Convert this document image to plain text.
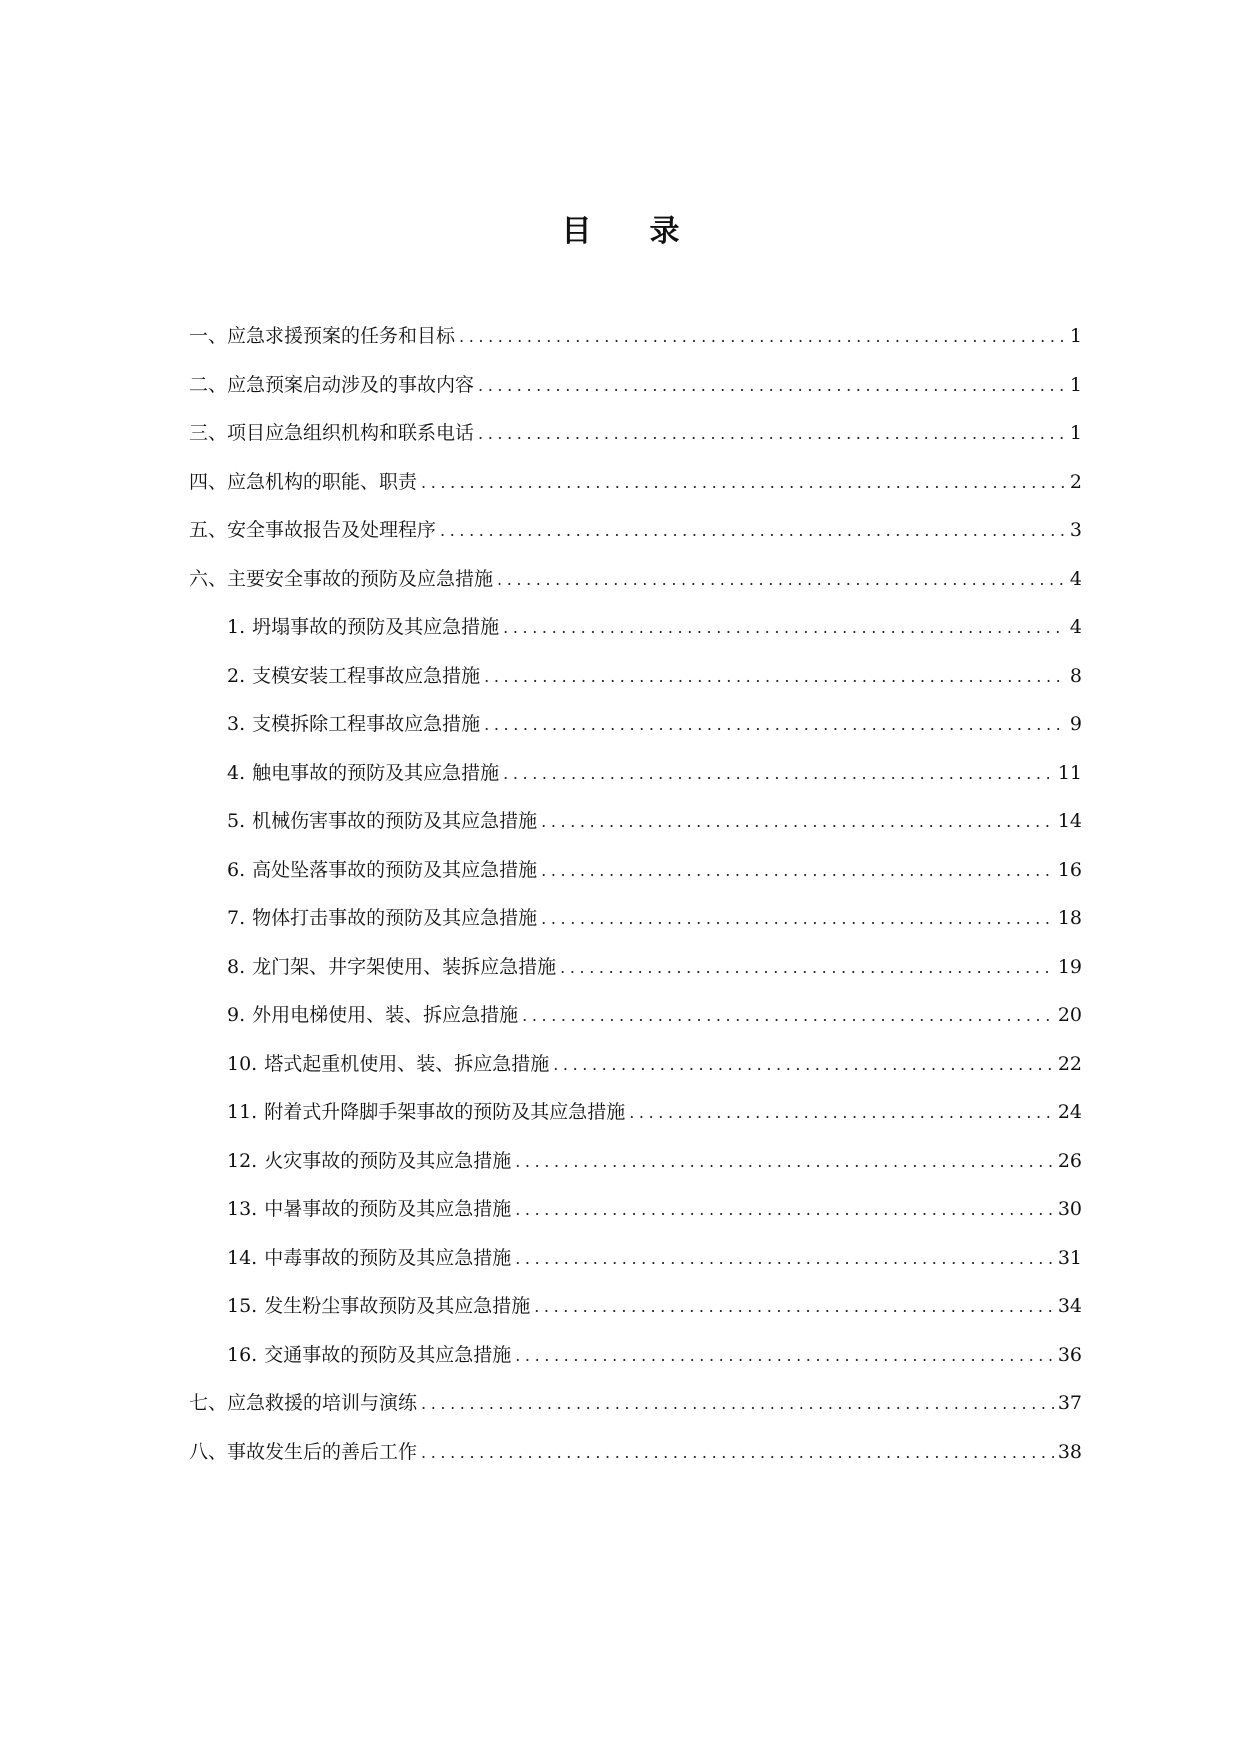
目 录
一、应急求援预案的任务和目标 .....	1
二、应急预案启动涉及的事故内容 .....	1
三、项目应急组织机构和联系电话 .....	1
四、应急机构的职能、职责 .....	2
五、安全事故报告及处理程序 .....	3
六、主要安全事故的预防及应急措施 .....	4
1. 坍塌事故的预防及其应急措施 .....	4
2. 支模安装工程事故应急措施 .....	8
3. 支模拆除工程事故应急措施 .....	9
4. 触电事故的预防及其应急措施 .....	11
5. 机械伤害事故的预防及其应急措施 .....	14
6. 高处坠落事故的预防及其应急措施 .....	16
7. 物体打击事故的预防及其应急措施 .....	18
8. 龙门架、井字架使用、装拆应急措施 .....	19
9. 外用电梯使用、装、拆应急措施 .....	20
10. 塔式起重机使用、装、拆应急措施 .....	22
11. 附着式升降脚手架事故的预防及其应急措施 .....	24
12. 火灾事故的预防及其应急措施 .....	26
13. 中暑事故的预防及其应急措施 .....	30
14. 中毒事故的预防及其应急措施 .....	31
15. 发生粉尘事故预防及其应急措施 .....	34
16. 交通事故的预防及其应急措施 .....	36
七、应急救援的培训与演练 .....	37
八、事故发生后的善后工作 .....	38
